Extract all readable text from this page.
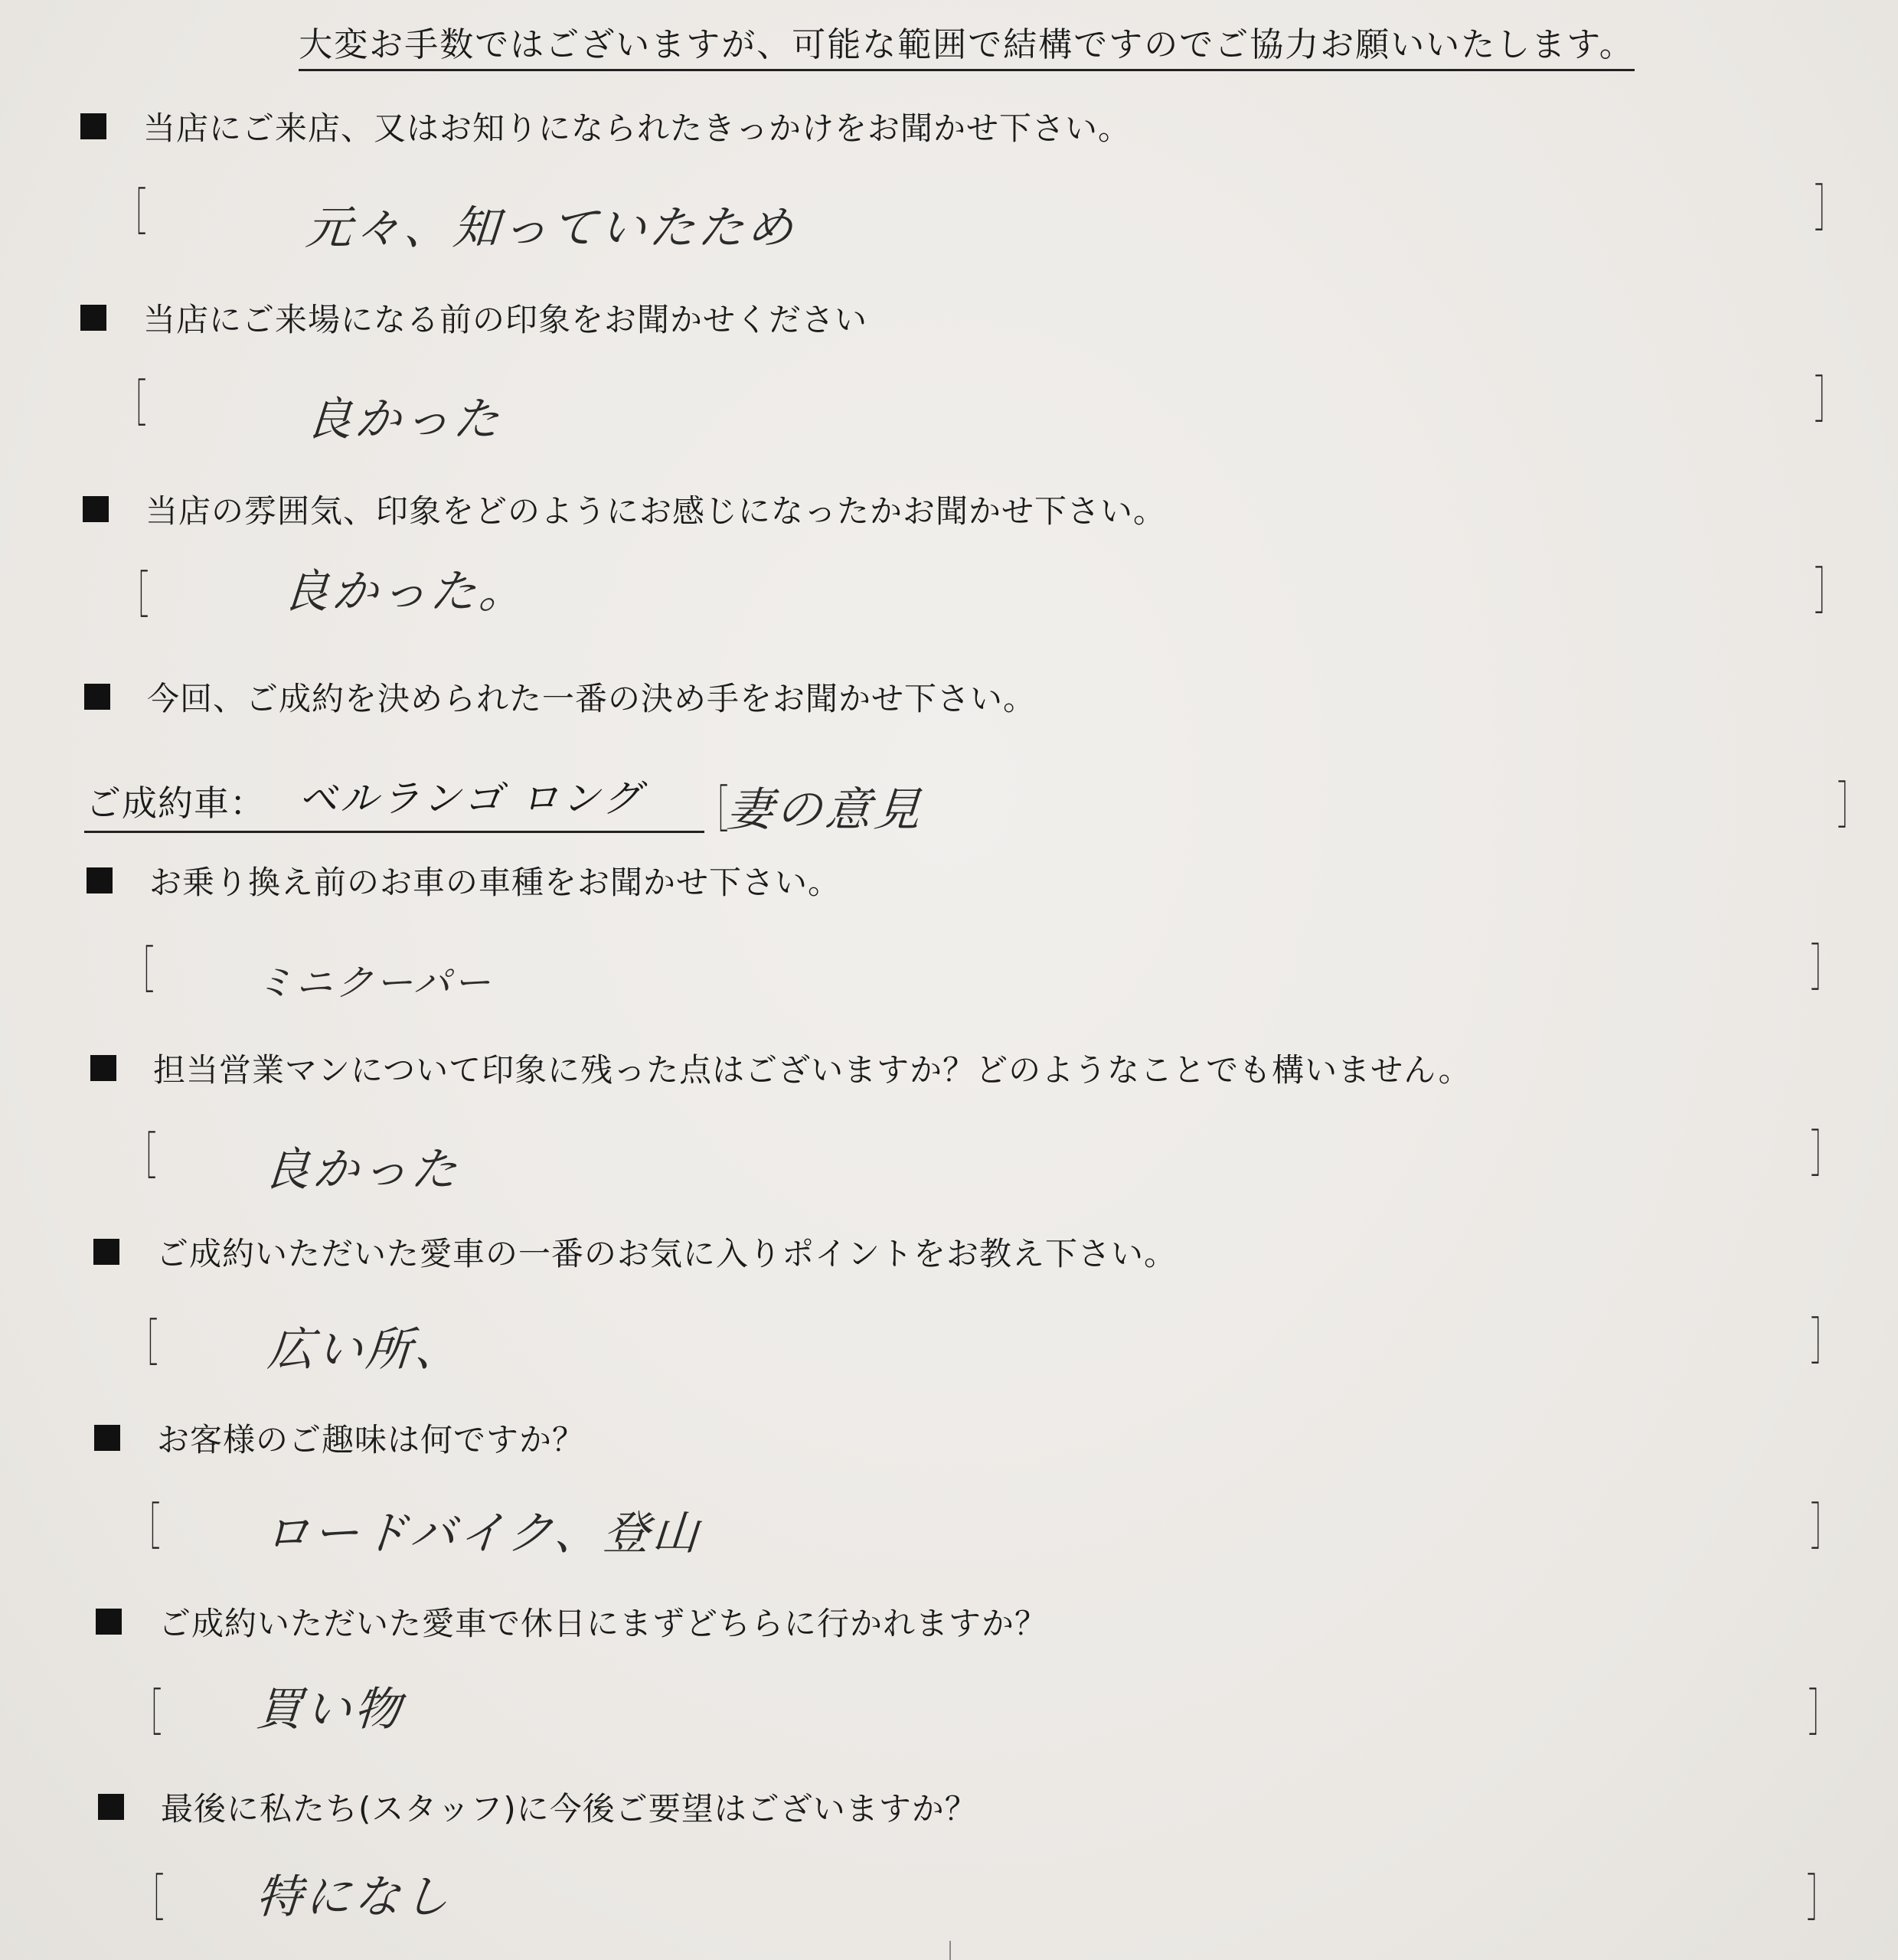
大変お手数ではございますが、可能な範囲で結構ですのでご協力お願いいたします。
当店にご来店、又はお知りになられたきっかけをお聞かせ下さい。
［	元々、知っていたため	］
当店にご来場になる前の印象をお聞かせください
［	良かった	］
当店の雰囲気、印象をどのようにお感じになったかお聞かせ下さい。
［	良かった。	］
今回、ご成約を決められた一番の決め手をお聞かせ下さい。
ご成約車： ベルランゴ ロング ［
妻の意見	］
お乗り換え前のお車の車種をお聞かせ下さい。
［	ミニクーパー	］
担当営業マンについて印象に残った点はございますか？どのようなことでも構いません。
［ 良かった	］
ご成約いただいた愛車の一番のお気に入りポイントをお教え下さい。
［ 広い所、	］
お客様のご趣味は何ですか？
［ ロードバイク、登山	］
ご成約いただいた愛車で休日にまずどちらに行かれますか？
［ 買い物	］
最後に私たち(スタッフ)に今後ご要望はございますか？
［ 特になし	］
